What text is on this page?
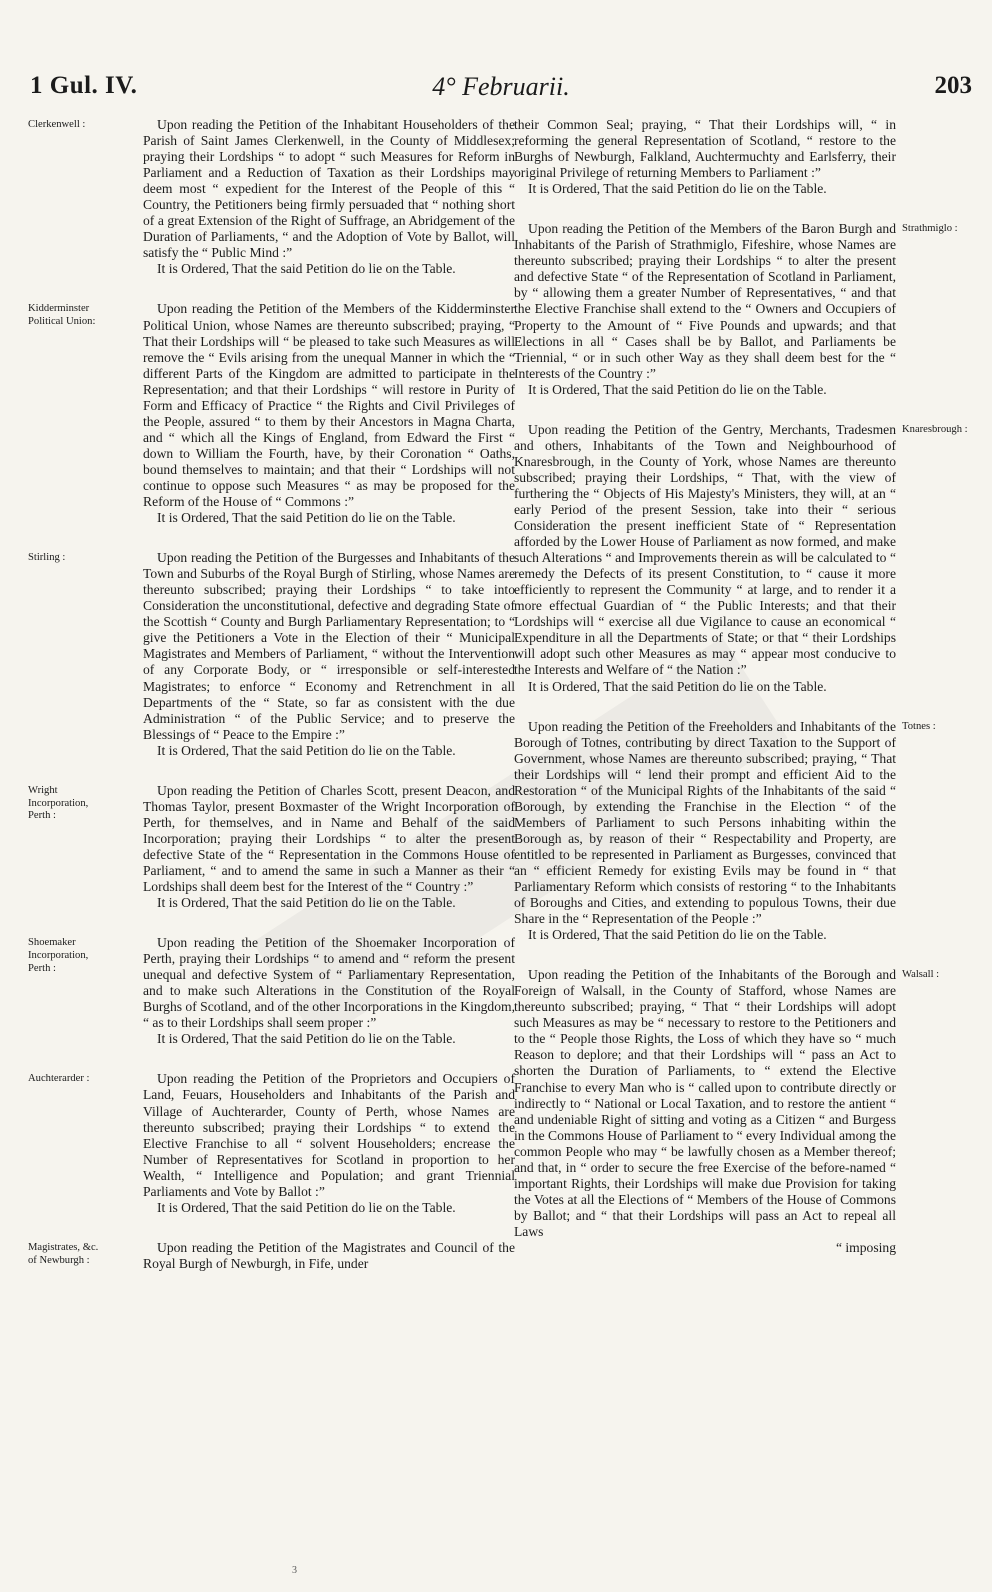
1 Gul. IV.	4° Februarii.	203
Clerkenwell :	Upon reading the Petition of the Inhabitant Householders of the Parish of Saint James Clerkenwell, in the County of Middlesex; praying their Lordships “ to adopt “ such Measures for Reform in Parliament and a Reduction of Taxation as their Lordships may deem most “ expedient for the Interest of the People of this “ Country, the Petitioners being firmly persuaded that “ nothing short of a great Extension of the Right of Suffrage, an Abridgement of the Duration of Parliaments, “ and the Adoption of Vote by Ballot, will satisfy the “ Public Mind :”

It is Ordered, That the said Petition do lie on the Table.

Kidderminster Political Union:

Upon reading the Petition of the Members of the Kidderminster Political Union, whose Names are thereunto subscribed; praying, “ That their Lordships will “ be pleased to take such Measures as will remove the “ Evils arising from the unequal Manner in which the “ different Parts of the Kingdom are admitted to participate in the Representation; and that their Lordships “ will restore in Purity of Form and Efficacy of Practice “ the Rights and Civil Privileges of the People, assured “ to them by their Ancestors in Magna Charta, and “ which all the Kings of England, from Edward the First “ down to William the Fourth, have, by their Coronation “ Oaths, bound themselves to maintain; and that their “ Lordships will not continue to oppose such Measures “ as may be proposed for the Reform of the House of “ Commons :”

It is Ordered, That the said Petition do lie on the Table.

Stirling :	Upon reading the Petition of the Burgesses and Inhabitants of the Town and Suburbs of the Royal Burgh of Stirling, whose Names are thereunto subscribed; praying their Lordships “ to take into Consideration the unconstitutional, defective and degrading State of the Scottish “ County and Burgh Parliamentary Representation; to “ give the Petitioners a Vote in the Election of their “ Municipal Magistrates and Members of Parliament, “ without the Intervention of any Corporate Body, or “ irresponsible or self-interested Magistrates; to enforce “ Economy and Retrenchment in all Departments of the “ State, so far as consistent with the due Administration “ of the Public Service; and to preserve the Blessings of “ Peace to the Empire :”

It is Ordered, That the said Petition do lie on the Table.

Wright Incorporation, Perth :

Upon reading the Petition of Charles Scott, present Deacon, and Thomas Taylor, present Boxmaster of the Wright Incorporation of Perth, for themselves, and in Name and Behalf of the said Incorporation; praying their Lordships “ to alter the present defective State of the “ Representation in the Commons House of Parliament, “ and to amend the same in such a Manner as their “ Lordships shall deem best for the Interest of the “ Country :”

It is Ordered, That the said Petition do lie on the Table.

Shoemaker Incorporation, Perth :

Upon reading the Petition of the Shoemaker Incorporation of Perth, praying their Lordships “ to amend and “ reform the present unequal and defective System of “ Parliamentary Representation, and to make such Alterations in the Constitution of the Royal Burghs of Scotland, and of the other Incorporations in the Kingdom, “ as to their Lordships shall seem proper :”

It is Ordered, That the said Petition do lie on the Table.

Auchterarder :	Upon reading the Petition of the Proprietors and Occupiers of Land, Feuars, Householders and Inhabitants of the Parish and Village of Auchterarder, County of Perth, whose Names are thereunto subscribed; praying their Lordships “ to extend the Elective Franchise to all “ solvent Householders; encrease the Number of Representatives for Scotland in proportion to her Wealth, “ Intelligence and Population; and grant Triennial Parliaments and Vote by Ballot :”

It is Ordered, That the said Petition do lie on the Table.

Magistrates, &c. of Newburgh :

Upon reading the Petition of the Magistrates and Council of the Royal Burgh of Newburgh, in Fife, under

their Common Seal; praying, “ That their Lordships will, “ in reforming the general Representation of Scotland, “ restore to the Burghs of Newburgh, Falkland, Auchtermuchty and Earlsferry, their original Privilege of returning Members to Parliament :”

It is Ordered, That the said Petition do lie on the Table.

Strathmiglo :

Upon reading the Petition of the Members of the Baron Burgh and Inhabitants of the Parish of Strathmiglo, Fifeshire, whose Names are thereunto subscribed; praying their Lordships “ to alter the present and defective State “ of the Representation of Scotland in Parliament, by “ allowing them a greater Number of Representatives, “ and that the Elective Franchise shall extend to the “ Owners and Occupiers of Property to the Amount of “ Five Pounds and upwards; and that Elections in all “ Cases shall be by Ballot, and Parliaments be Triennial, “ or in such other Way as they shall deem best for the “ Interests of the Country :”

It is Ordered, That the said Petition do lie on the Table.

Knaresbrough :

Upon reading the Petition of the Gentry, Merchants, Tradesmen and others, Inhabitants of the Town and Neighbourhood of Knaresbrough, in the County of York, whose Names are thereunto subscribed; praying their Lordships, “ That, with the view of furthering the “ Objects of His Majesty's Ministers, they will, at an “ early Period of the present Session, take into their “ serious Consideration the present inefficient State of “ Representation afforded by the Lower House of Parliament as now formed, and make such Alterations “ and Improvements therein as will be calculated to “ remedy the Defects of its present Constitution, to “ cause it more efficiently to represent the Community “ at large, and to render it a more effectual Guardian of “ the Public Interests; and that their Lordships will “ exercise all due Vigilance to cause an economical “ Expenditure in all the Departments of State; or that “ their Lordships will adopt such other Measures as may “ appear most conducive to the Interests and Welfare of “ the Nation :”

It is Ordered, That the said Petition do lie on the Table.

Totnes :

Upon reading the Petition of the Freeholders and Inhabitants of the Borough of Totnes, contributing by direct Taxation to the Support of Government, whose Names are thereunto subscribed; praying, “ That their Lordships will “ lend their prompt and efficient Aid to the Restoration “ of the Municipal Rights of the Inhabitants of the said “ Borough, by extending the Franchise in the Election “ of the Members of Parliament to such Persons inhabiting within the Borough as, by reason of their “ Respectability and Property, are entitled to be represented in Parliament as Burgesses, convinced that an “ efficient Remedy for existing Evils may be found in “ that Parliamentary Reform which consists of restoring “ to the Inhabitants of Boroughs and Cities, and extending to populous Towns, their due Share in the “ Representation of the People :”

It is Ordered, That the said Petition do lie on the Table.

Walsall :

Upon reading the Petition of the Inhabitants of the Borough and Foreign of Walsall, in the County of Stafford, whose Names are thereunto subscribed; praying, “ That “ their Lordships will adopt such Measures as may be “ necessary to restore to the Petitioners and to the “ People those Rights, the Loss of which they have so “ much Reason to deplore; and that their Lordships will “ pass an Act to shorten the Duration of Parliaments, to “ extend the Elective Franchise to every Man who is “ called upon to contribute directly or indirectly to “ National or Local Taxation, and to restore the antient “ and undeniable Right of sitting and voting as a Citizen “ and Burgess in the Commons House of Parliament to “ every Individual among the common People who may “ be lawfully chosen as a Member thereof; and that, in “ order to secure the free Exercise of the before-named “ important Rights, their Lordships will make due Provision for taking the Votes at all the Elections of “ Members of the House of Commons by Ballot; and “ that their Lordships will pass an Act to repeal all Laws

“ imposing

3
